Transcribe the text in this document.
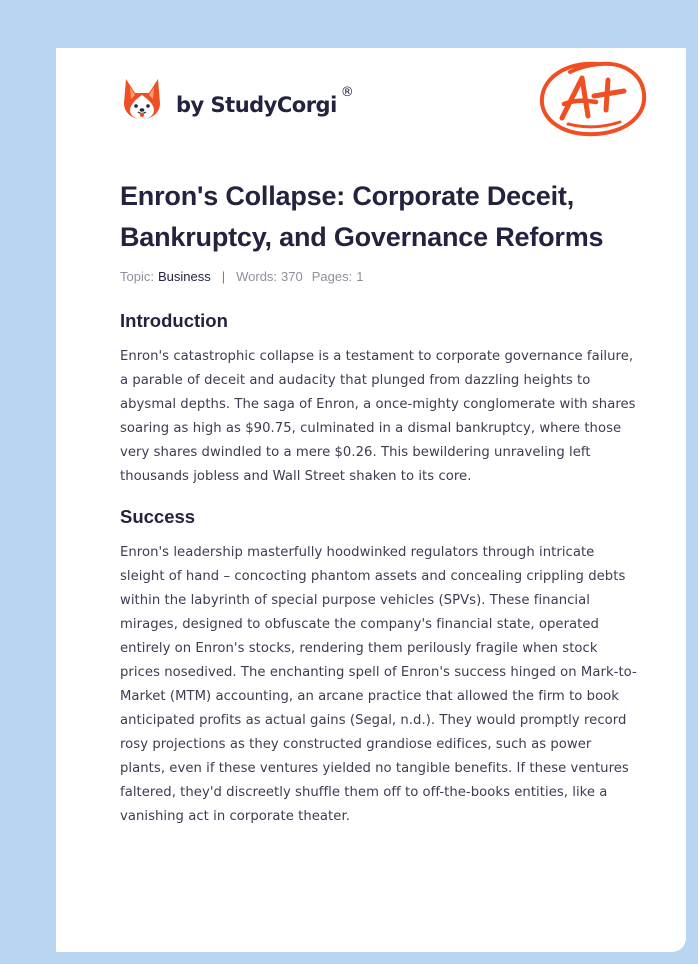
by StudyCorgi
®
Enron's Collapse: Corporate Deceit, Bankruptcy, and Governance Reforms
Topic: Business | Words: 370 Pages: 1
Introduction

Enron's catastrophic collapse is a testament to corporate governance failure, a parable of deceit and audacity that plunged from dazzling heights to abysmal depths. The saga of Enron, a once-mighty conglomerate with shares soaring as high as $90.75, culminated in a dismal bankruptcy, where those very shares dwindled to a mere $0.26. This bewildering unraveling left thousands jobless and Wall Street shaken to its core.

Success

Enron's leadership masterfully hoodwinked regulators through intricate sleight of hand – concocting phantom assets and concealing crippling debts within the labyrinth of special purpose vehicles (SPVs). These financial mirages, designed to obfuscate the company's financial state, operated entirely on Enron's stocks, rendering them perilously fragile when stock prices nosedived. The enchanting spell of Enron's success hinged on Mark-to-Market (MTM) accounting, an arcane practice that allowed the firm to book anticipated profits as actual gains (Segal, n.d.). They would promptly record rosy projections as they constructed grandiose edifices, such as power plants, even if these ventures yielded no tangible benefits. If these ventures faltered, they'd discreetly shuffle them off to off-the-books entities, like a vanishing act in corporate theater.
